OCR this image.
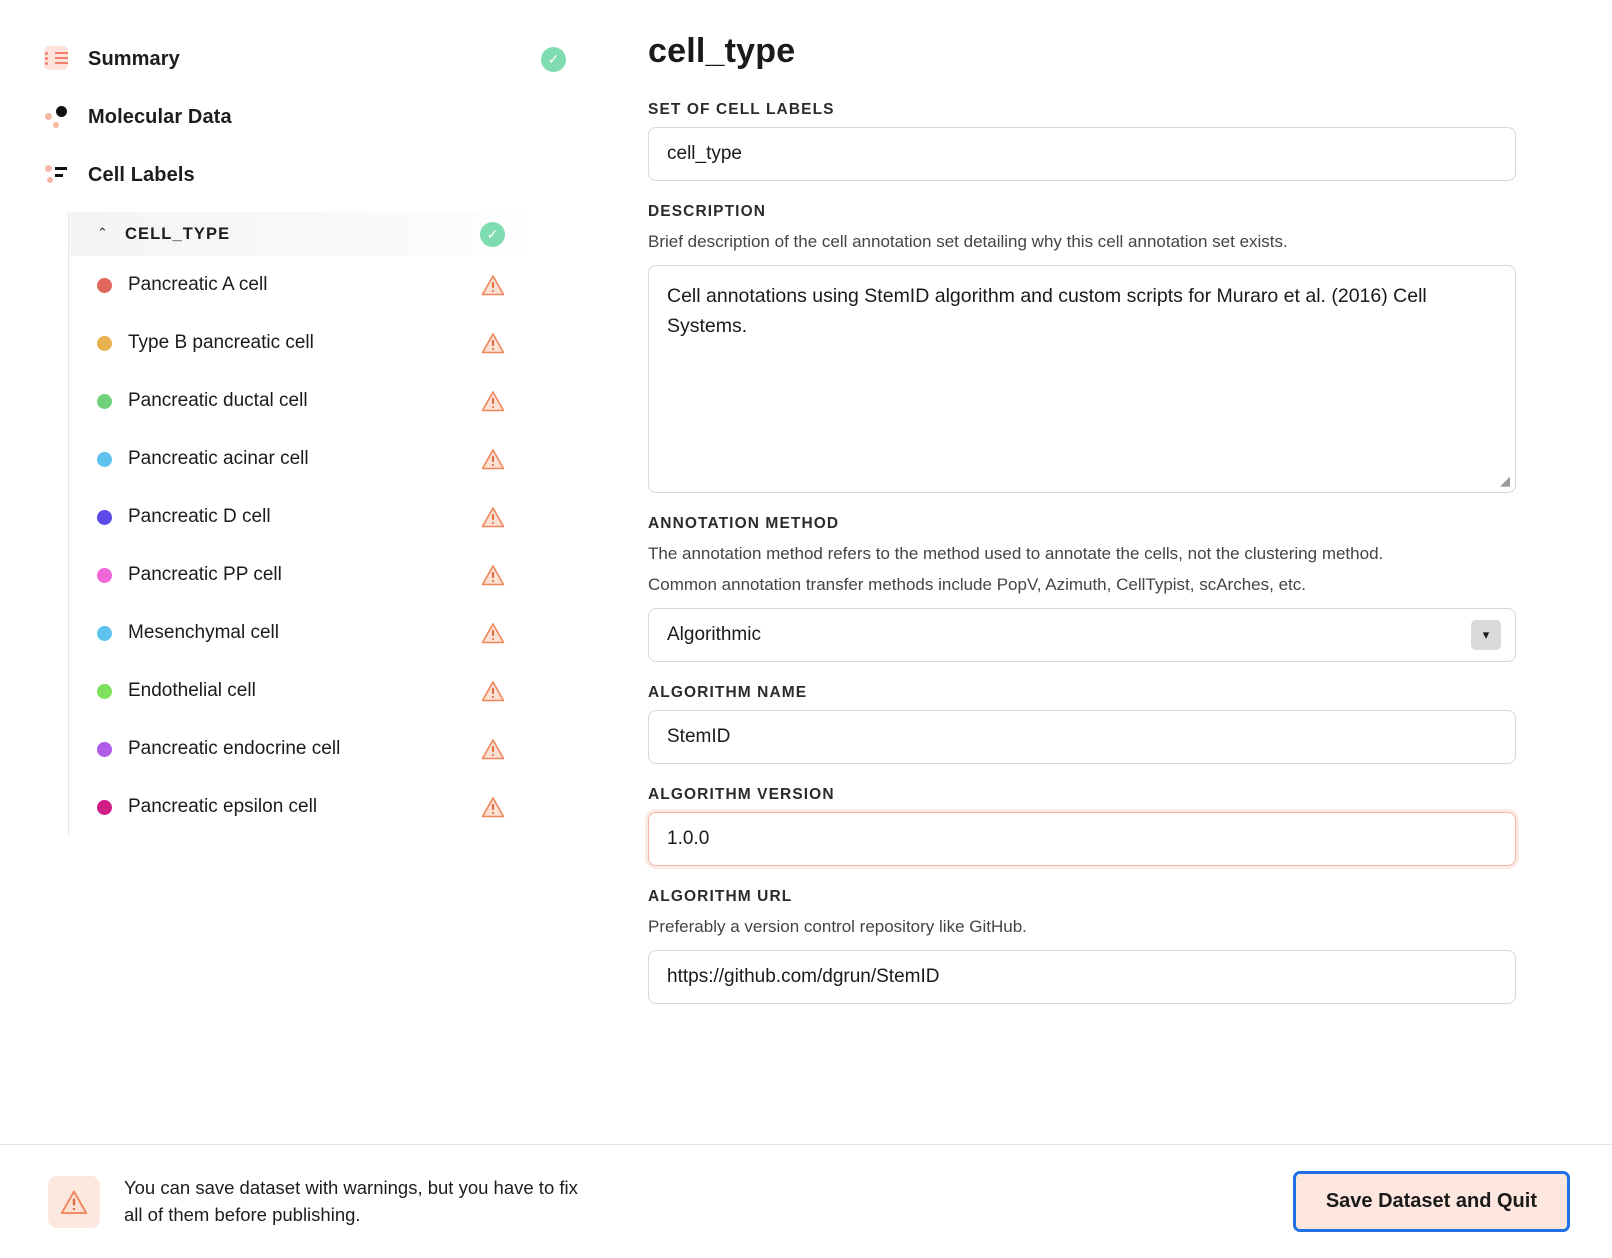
Summary	✓
Molecular Data
Cell Labels
⌃ CELL_TYPE	✓
Pancreatic A cell
Type B pancreatic cell
Pancreatic ductal cell
Pancreatic acinar cell
Pancreatic D cell
Pancreatic PP cell
Mesenchymal cell
Endothelial cell
Pancreatic endocrine cell
Pancreatic epsilon cell
cell_type
SET OF CELL LABELS
cell_type
DESCRIPTION
Brief description of the cell annotation set detailing why this cell annotation set exists.
Cell annotations using StemID algorithm and custom scripts for Muraro et al. (2016) Cell Systems.
◢
ANNOTATION METHOD
The annotation method refers to the method used to annotate the cells, not the clustering method.
Common annotation transfer methods include PopV, Azimuth, CellTypist, scArches, etc.
Algorithmic	▾
ALGORITHM NAME
StemID
ALGORITHM VERSION
1.0.0
ALGORITHM URL
Preferably a version control repository like GitHub.
https://github.com/dgrun/StemID
You can save dataset with warnings, but you have to fix all of them before publishing.
Save Dataset and Quit
